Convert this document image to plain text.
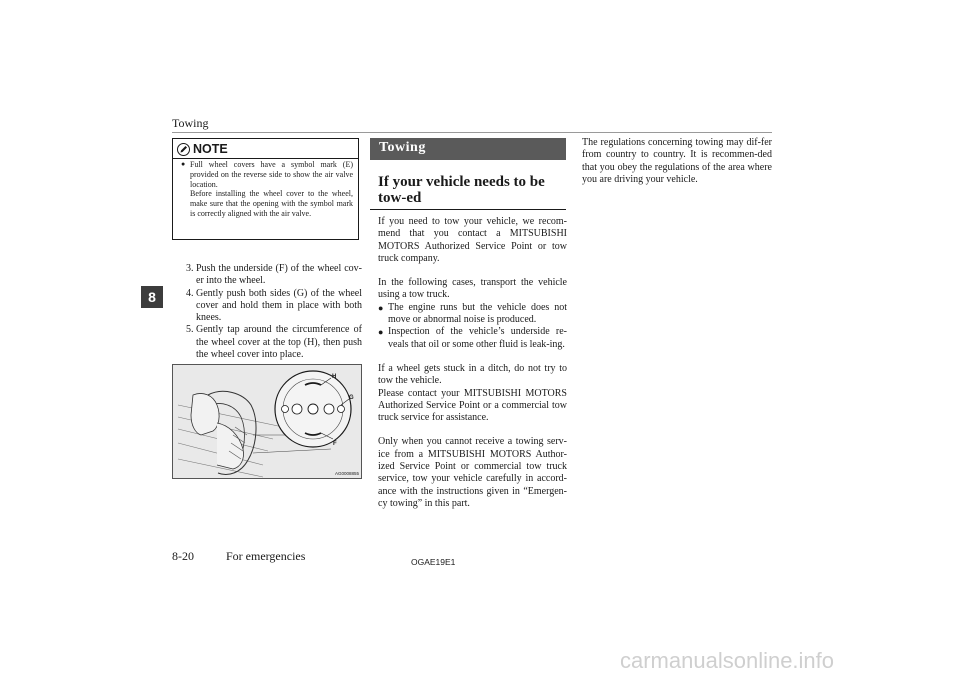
Towing
8
NOTE
● Full wheel covers have a symbol mark (E) provided on the reverse side to show the air valve location.
Before installing the wheel cover to the wheel, make sure that the opening with the symbol mark is correctly aligned with the air valve.
3. Push the underside (F) of the wheel cov-er into the wheel.
4. Gently push both sides (G) of the wheel cover and hold them in place with both knees.
5. Gently tap around the circumference of the wheel cover at the top (H), then push the wheel cover into place.
H
G
F
AG0008855
Towing
If your vehicle needs to be tow-ed

If you need to tow your vehicle, we recom-mend that you contact a MITSUBISHI MOTORS Authorized Service Point or tow truck company.

In the following cases, transport the vehicle using a tow truck.

● The engine runs but the vehicle does not move or abnormal noise is produced.
● Inspection of the vehicle’s underside re-veals that oil or some other fluid is leak-ing.

If a wheel gets stuck in a ditch, do not try to tow the vehicle.

Please contact your MITSUBISHI MOTORS Authorized Service Point or a commercial tow truck service for assistance.

Only when you cannot receive a towing serv-ice from a MITSUBISHI MOTORS Author-ized Service Point or commercial tow truck service, tow your vehicle carefully in accord-ance with the instructions given in “Emergen-cy towing” in this part.

The regulations concerning towing may dif-fer from country to country. It is recommen-ded that you obey the regulations of the area where you are driving your vehicle.
8-20	For emergencies	OGAE19E1
carmanualsonline.info
